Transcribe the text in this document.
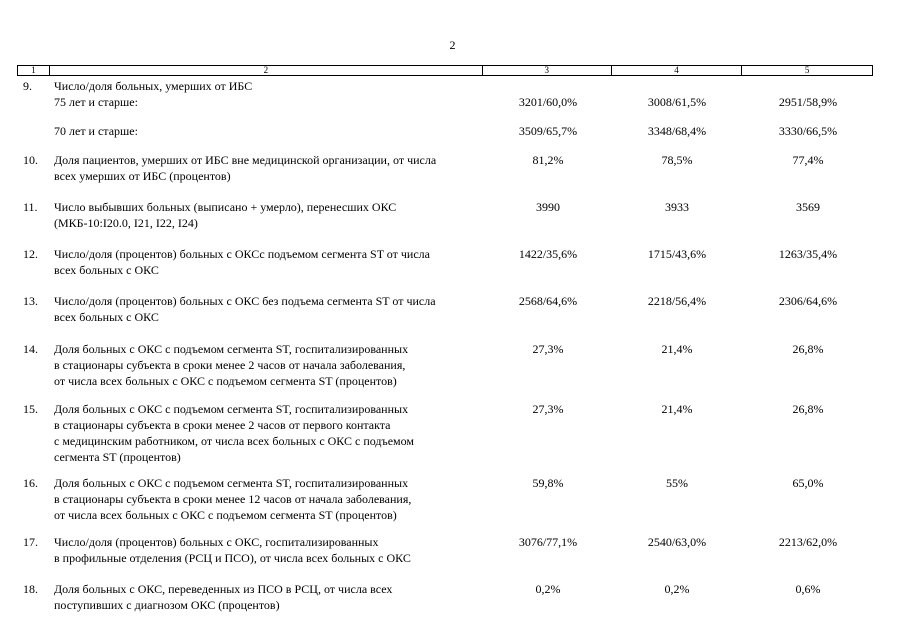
2
1	2	3	4	5
9. Число/доля больных, умерших от ИБС
75 лет и старше:	3201/60,0%	3008/61,5%	2951/58,9%
70 лет и старше:	3509/65,7%	3348/68,4%	3330/66,5%
10. Доля пациентов, умерших от ИБС вне медицинской организации, от числа
всех умерших от ИБС (процентов)
81,2%	78,5%	77,4%
11. Число выбывших больных (выписано + умерло), перенесших ОКС
(МКБ-10:I20.0, I21, I22, I24)
3990	3933	3569
12. Число/доля (процентов) больных с ОКСс подъемом сегмента ST от числа
всех больных с ОКС
1422/35,6%	1715/43,6%	1263/35,4%
13. Число/доля (процентов) больных с ОКС без подъема сегмента ST от числа
всех больных с ОКС
2568/64,6%	2218/56,4%	2306/64,6%
14. Доля больных с ОКС с подъемом сегмента ST, госпитализированных
в стационары субъекта в сроки менее 2 часов от начала заболевания,
от числа всех больных с ОКС с подъемом сегмента ST (процентов)
27,3%	21,4%	26,8%
15. Доля больных с ОКС с подъемом сегмента ST, госпитализированных
в стационары субъекта в сроки менее 2 часов от первого контакта
с медицинским работником, от числа всех больных с ОКС с подъемом
сегмента ST (процентов)
27,3%	21,4%	26,8%
16. Доля больных с ОКС с подъемом сегмента ST, госпитализированных
в стационары субъекта в сроки менее 12 часов от начала заболевания,
от числа всех больных с ОКС с подъемом сегмента ST (процентов)
59,8%	55%	65,0%
17. Число/доля (процентов) больных с ОКС, госпитализированных
в профильные отделения (РСЦ и ПСО), от числа всех больных с ОКС
3076/77,1%	2540/63,0%	2213/62,0%
18. Доля больных с ОКС, переведенных из ПСО в РСЦ, от числа всех
поступивших с диагнозом ОКС (процентов)
0,2%	0,2%	0,6%
